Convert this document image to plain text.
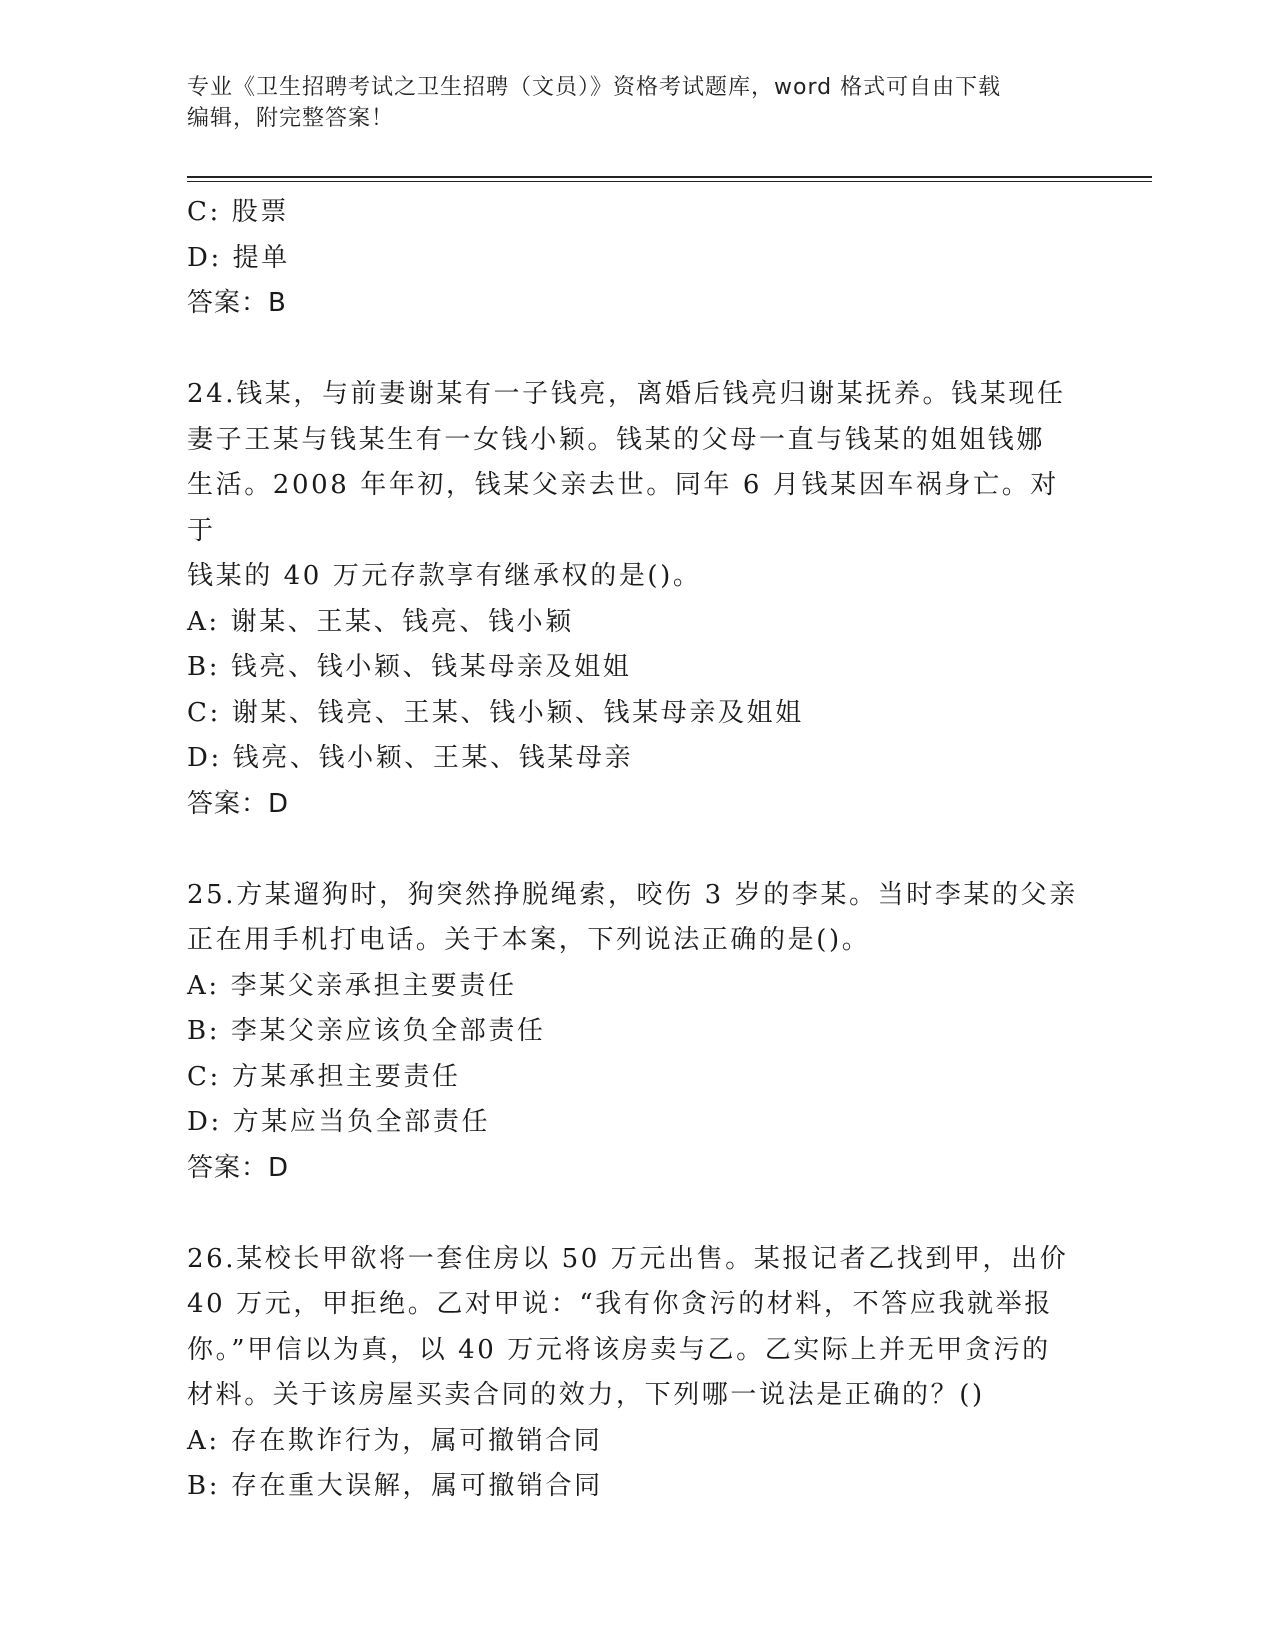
专业《卫生招聘考试之卫生招聘（文员）》资格考试题库，word 格式可自由下载
编辑，附完整答案！
C: 股票
D: 提单
答案：B
24.钱某，与前妻谢某有一子钱亮，离婚后钱亮归谢某抚养。钱某现任
妻子王某与钱某生有一女钱小颖。钱某的父母一直与钱某的姐姐钱娜
生活。2008 年年初，钱某父亲去世。同年 6 月钱某因车祸身亡。对于
钱某的 40 万元存款享有继承权的是()。
A: 谢某、王某、钱亮、钱小颖
B: 钱亮、钱小颖、钱某母亲及姐姐
C: 谢某、钱亮、王某、钱小颖、钱某母亲及姐姐
D: 钱亮、钱小颖、王某、钱某母亲
答案：D
25.方某遛狗时，狗突然挣脱绳索，咬伤 3 岁的李某。当时李某的父亲
正在用手机打电话。关于本案，下列说法正确的是()。
A: 李某父亲承担主要责任
B: 李某父亲应该负全部责任
C: 方某承担主要责任
D: 方某应当负全部责任
答案：D
26.某校长甲欲将一套住房以 50 万元出售。某报记者乙找到甲，出价
40 万元，甲拒绝。乙对甲说：“我有你贪污的材料，不答应我就举报
你。”甲信以为真，以 40 万元将该房卖与乙。乙实际上并无甲贪污的
材料。关于该房屋买卖合同的效力，下列哪一说法是正确的？()
A: 存在欺诈行为，属可撤销合同
B: 存在重大误解，属可撤销合同
